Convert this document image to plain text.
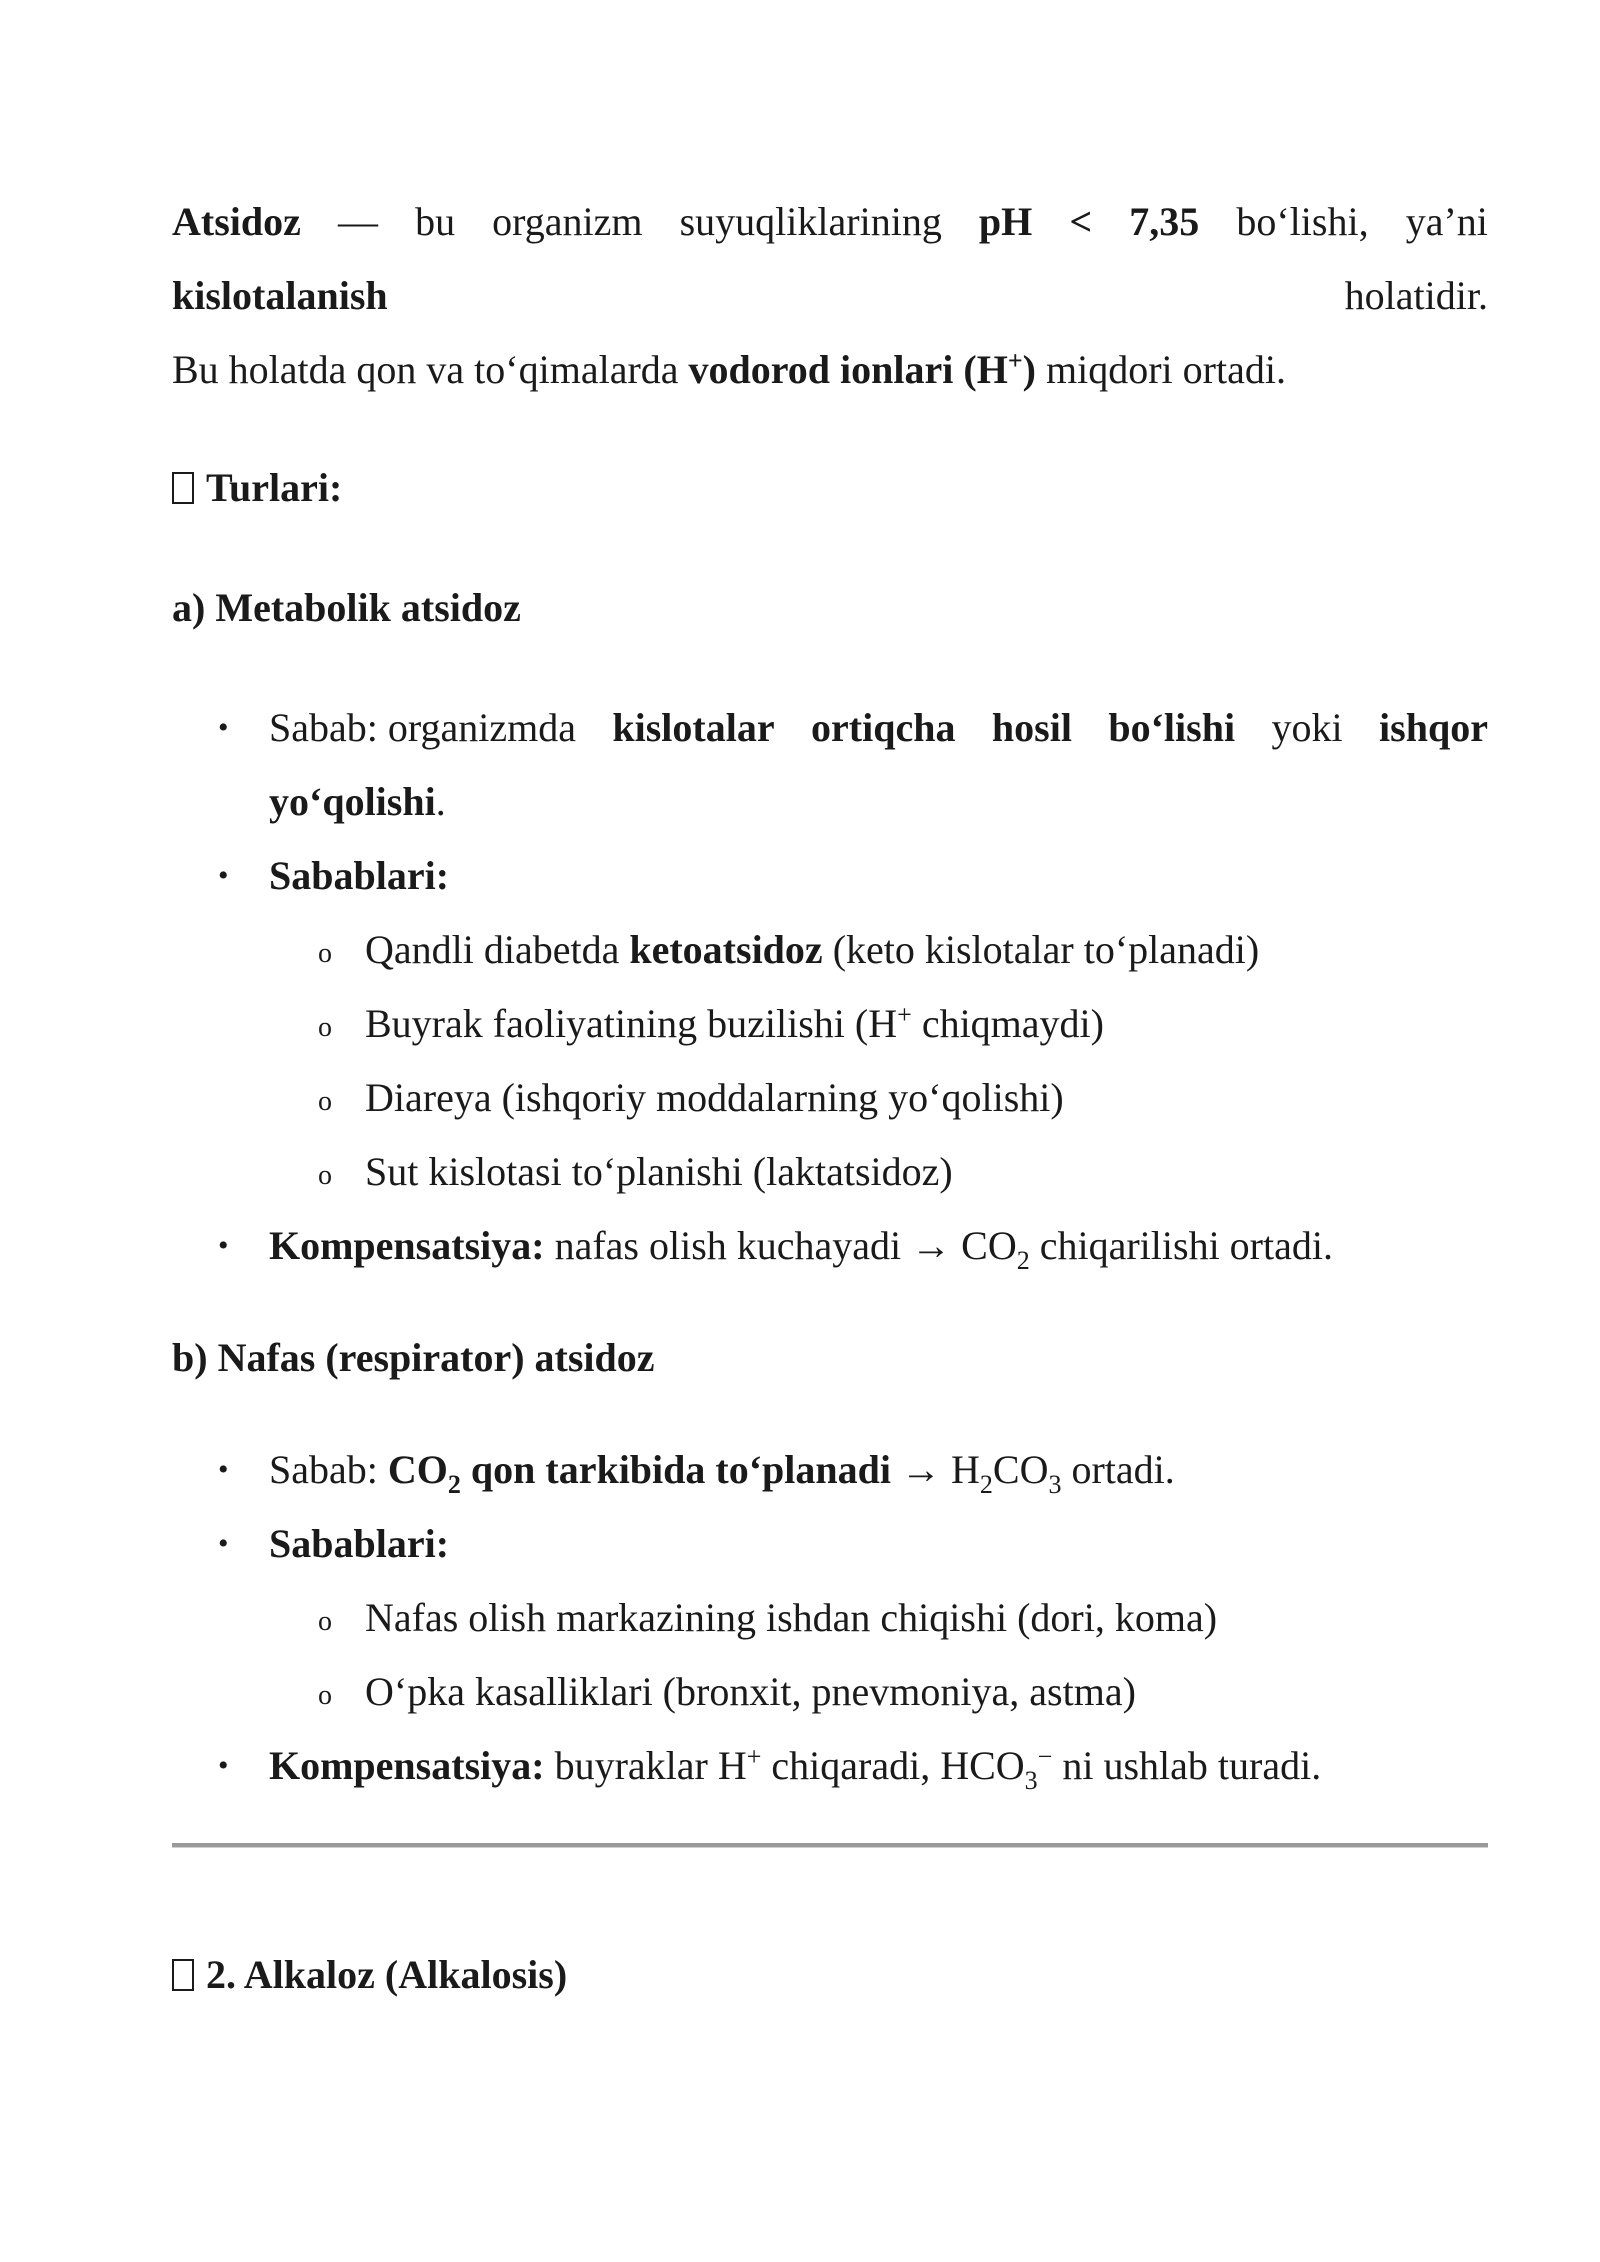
Atsidoz — bu organizm suyuqliklarining pH < 7,35 bo‘lishi, ya’ni
kislotalanish	holatidir.
Bu holatda qon va to‘qimalarda vodorod ionlari (H+) miqdori ortadi.
Turlari:
a) Metabolik atsidoz
• Sabab: organizmda kislotalar ortiqcha hosil bo‘lishi yoki ishqor
yo‘qolishi.
• Sabablari:
o Qandli diabetda ketoatsidoz (keto kislotalar to‘planadi)
o Buyrak faoliyatining buzilishi (H+ chiqmaydi)
o Diareya (ishqoriy moddalarning yo‘qolishi)
o Sut kislotasi to‘planishi (laktatsidoz)
• Kompensatsiya: nafas olish kuchayadi → $CO_2$ chiqarilishi ortadi.
b) Nafas (respirator) atsidoz
• Sabab: $CO_2$ qon tarkibida to‘planadi → $H_2CO_3$ ortadi.
• Sabablari:
o Nafas olish markazining ishdan chiqishi (dori, koma)
o O‘pka kasalliklari (bronxit, pnevmoniya, astma)
• Kompensatsiya: buyraklar H+ chiqaradi, $HCO_3^-$ ni ushlab turadi.
2. Alkaloz (Alkalosis)
